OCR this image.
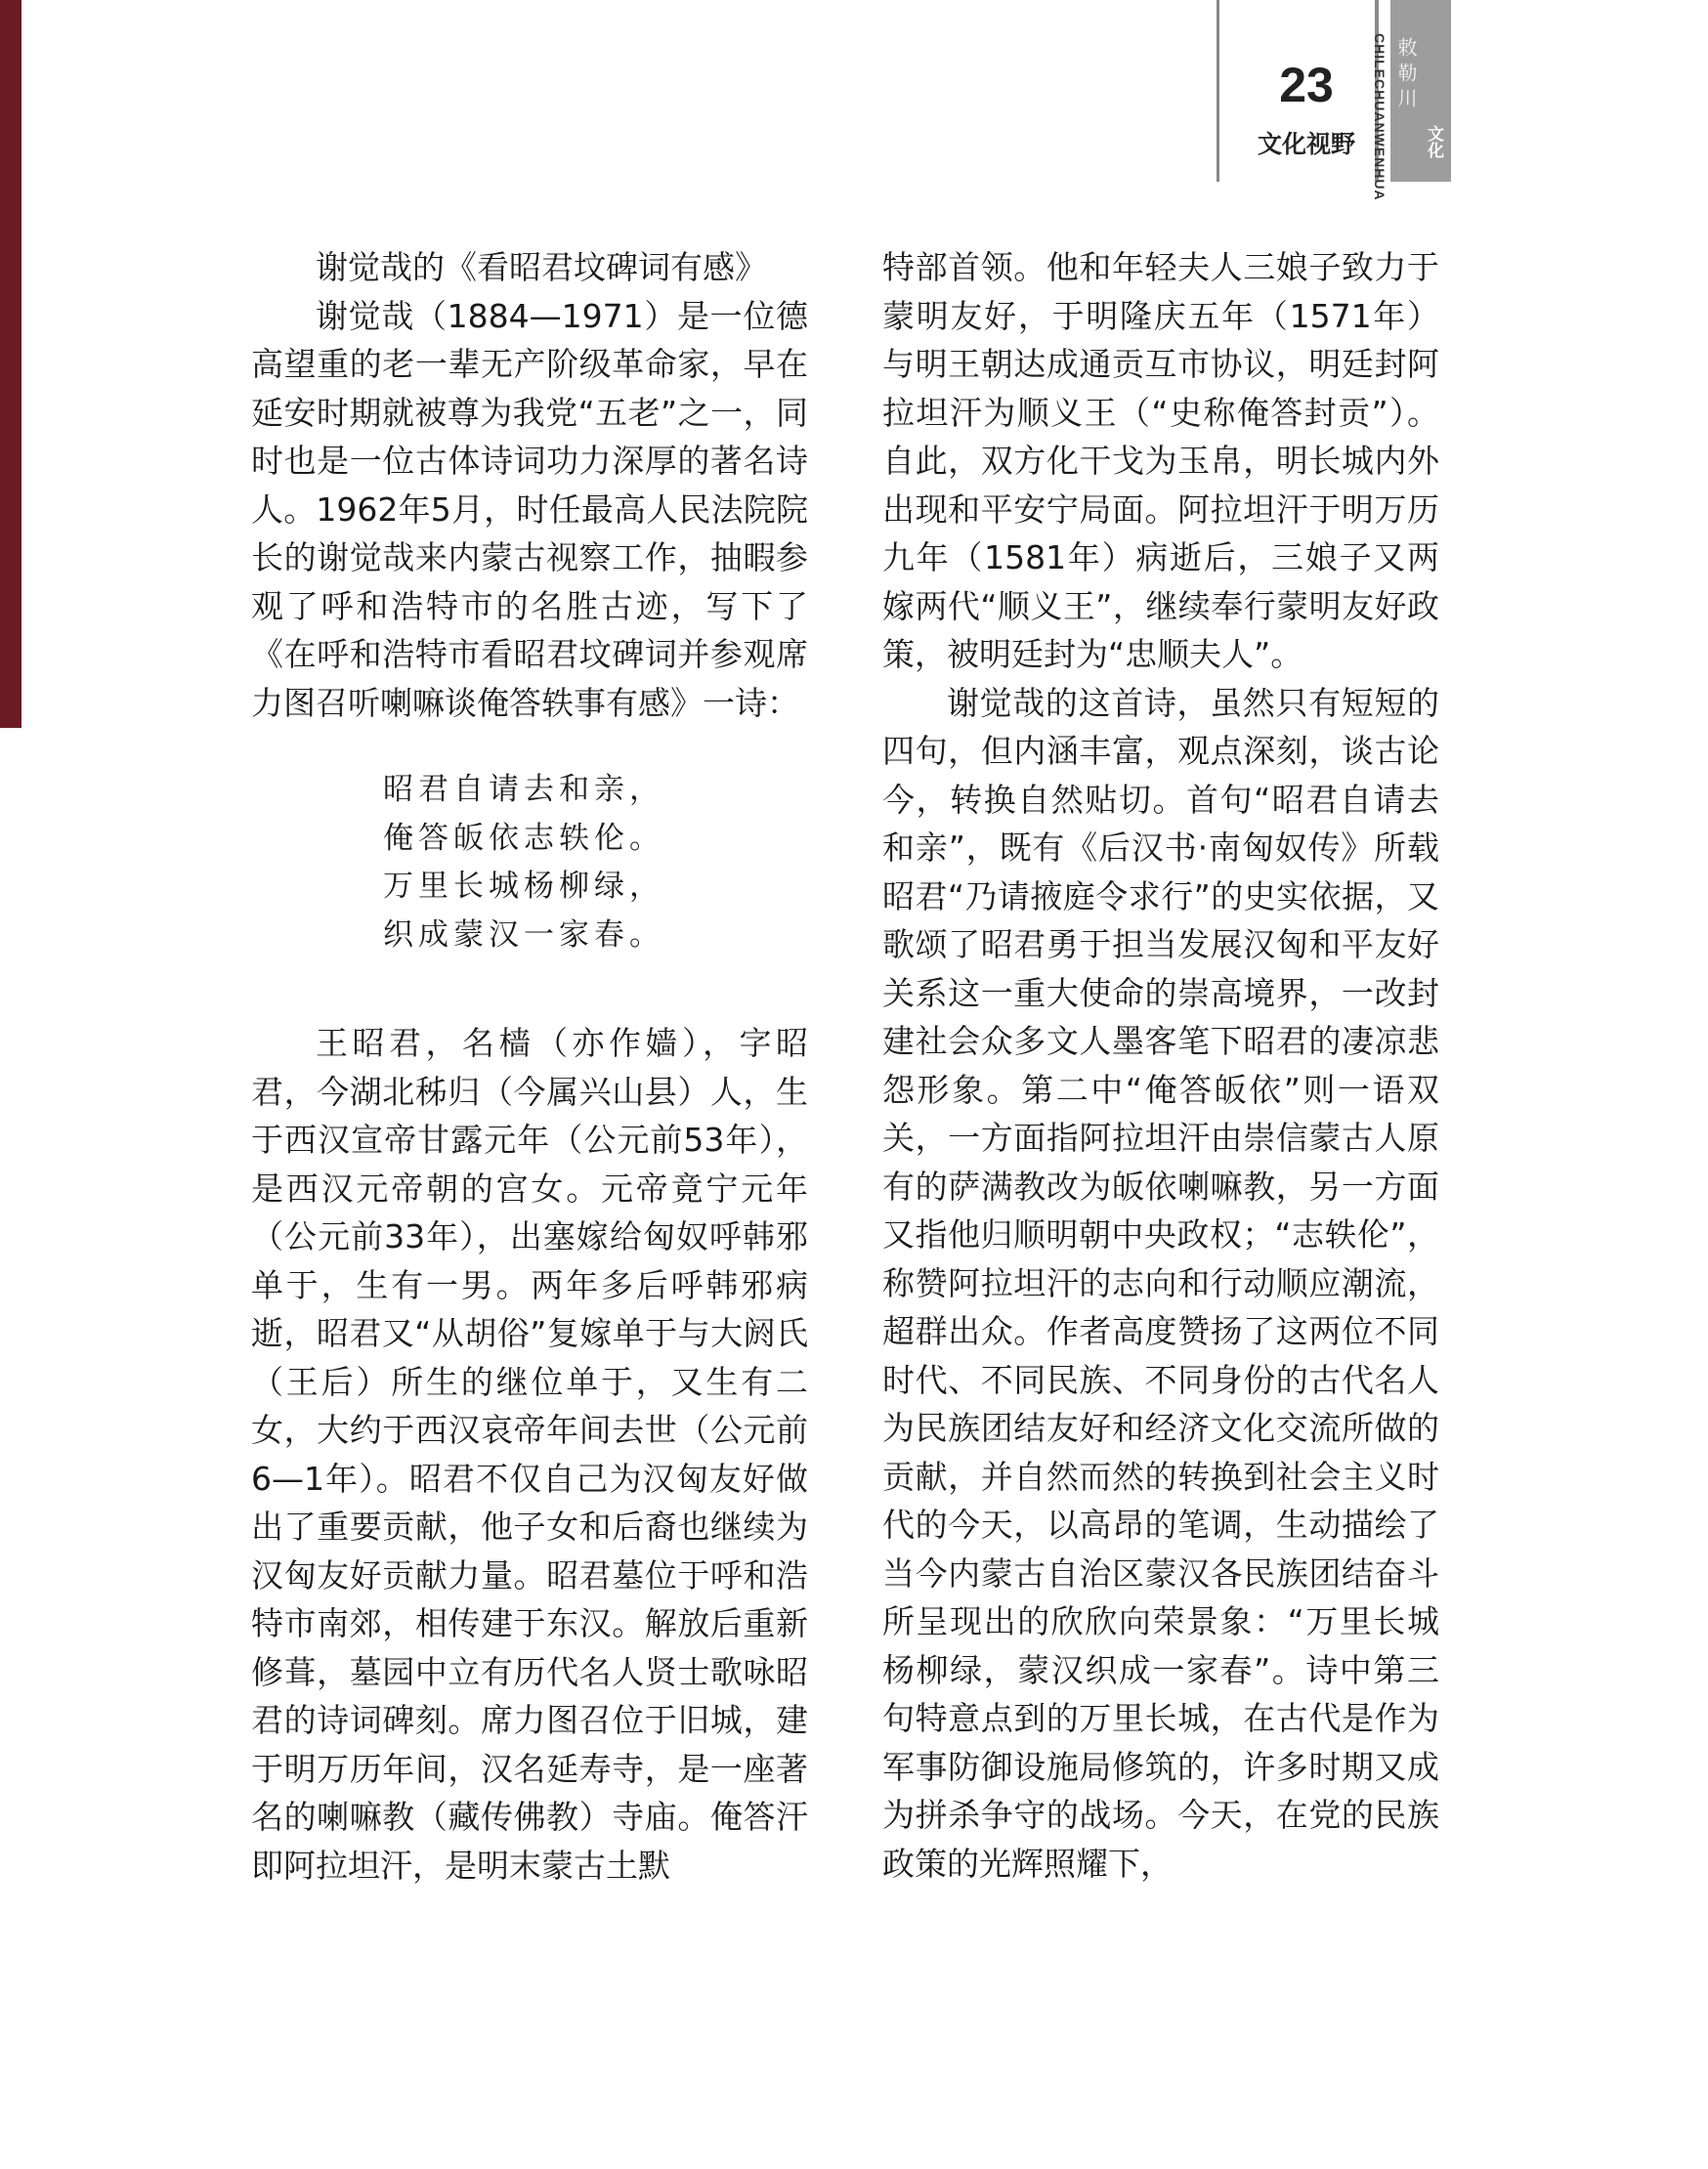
23
文化视野	CHILECHUANWENHUA 敕勒川
文化

谢觉哉的《看昭君坟碑词有感》

谢觉哉（1884—1971）是一位德高望重的老一辈无产阶级革命家，早在延安时期就被尊为我党“五老”之一，同时也是一位古体诗词功力深厚的著名诗人。1962年5月，时任最高人民法院院长的谢觉哉来内蒙古视察工作，抽暇参观了呼和浩特市的名胜古迹，写下了《在呼和浩特市看昭君坟碑词并参观席力图召听喇嘛谈俺答轶事有感》一诗：

昭君自请去和亲，
俺答皈依志轶伦。
万里长城杨柳绿，
织成蒙汉一家春。

王昭君，名樯（亦作嫱），字昭君，今湖北秭归（今属兴山县）人，生于西汉宣帝甘露元年（公元前53年），是西汉元帝朝的宫女。元帝竟宁元年（公元前33年），出塞嫁给匈奴呼韩邪单于，生有一男。两年多后呼韩邪病逝，昭君又“从胡俗”复嫁单于与大阏氏（王后）所生的继位单于，又生有二女，大约于西汉哀帝年间去世（公元前6—1年）。昭君不仅自己为汉匈友好做出了重要贡献，他子女和后裔也继续为汉匈友好贡献力量。昭君墓位于呼和浩特市南郊，相传建于东汉。解放后重新修葺，墓园中立有历代名人贤士歌咏昭君的诗词碑刻。席力图召位于旧城，建于明万历年间，汉名延寿寺，是一座著名的喇嘛教（藏传佛教）寺庙。俺答汗即阿拉坦汗，是明末蒙古土默

特部首领。他和年轻夫人三娘子致力于蒙明友好，于明隆庆五年（1571年）与明王朝达成通贡互市协议，明廷封阿拉坦汗为顺义王（“史称俺答封贡”）。自此，双方化干戈为玉帛，明长城内外出现和平安宁局面。阿拉坦汗于明万历九年（1581年）病逝后，三娘子又两嫁两代“顺义王”，继续奉行蒙明友好政策，被明廷封为“忠顺夫人”。

谢觉哉的这首诗，虽然只有短短的四句，但内涵丰富，观点深刻，谈古论今，转换自然贴切。首句“昭君自请去和亲”，既有《后汉书·南匈奴传》所载昭君“乃请掖庭令求行”的史实依据，又歌颂了昭君勇于担当发展汉匈和平友好关系这一重大使命的崇高境界，一改封建社会众多文人墨客笔下昭君的凄凉悲怨形象。第二中“俺答皈依”则一语双关，一方面指阿拉坦汗由崇信蒙古人原有的萨满教改为皈依喇嘛教，另一方面又指他归顺明朝中央政权；“志轶伦”，称赞阿拉坦汗的志向和行动顺应潮流，超群出众。作者高度赞扬了这两位不同时代、不同民族、不同身份的古代名人为民族团结友好和经济文化交流所做的贡献，并自然而然的转换到社会主义时代的今天，以高昂的笔调，生动描绘了当今内蒙古自治区蒙汉各民族团结奋斗所呈现出的欣欣向荣景象：“万里长城杨柳绿，蒙汉织成一家春”。诗中第三句特意点到的万里长城，在古代是作为军事防御设施局修筑的，许多时期又成为拼杀争守的战场。今天，在党的民族政策的光辉照耀下，
